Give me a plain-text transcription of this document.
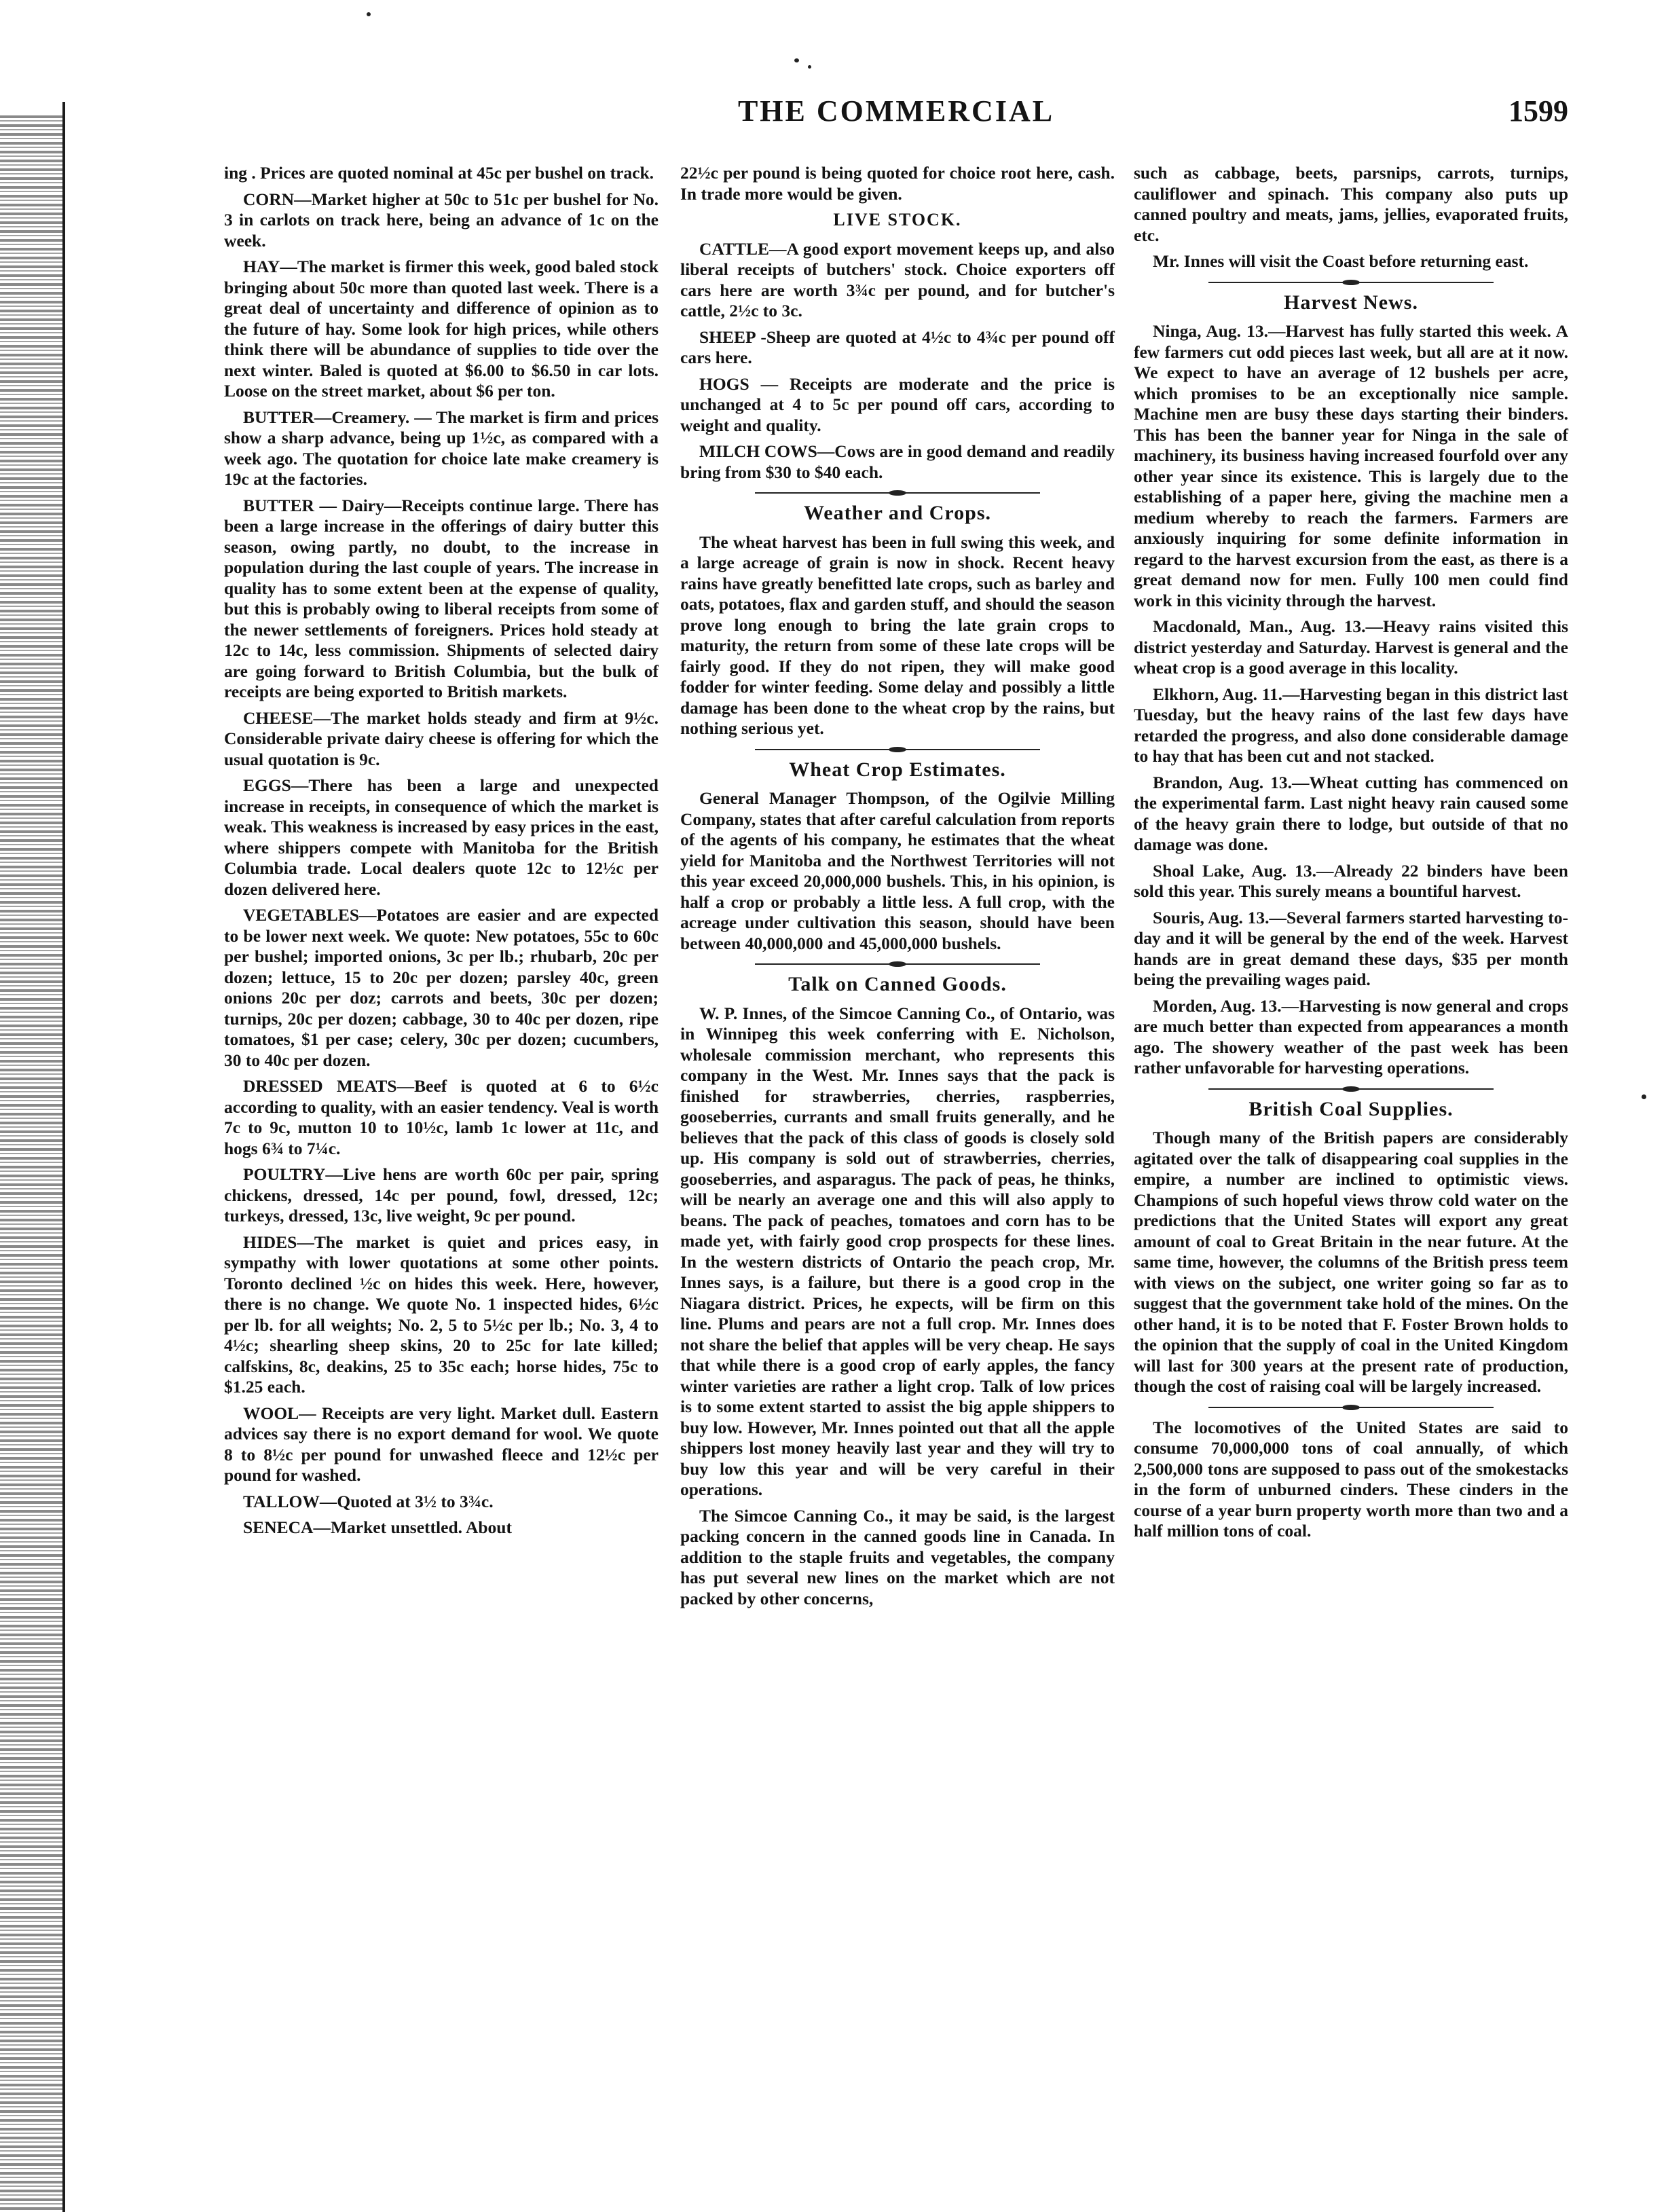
THE COMMERCIAL	1599

ing . Prices are quoted nominal at 45c per bushel on track.

CORN—Market higher at 50c to 51c per bushel for No. 3 in carlots on track here, being an advance of 1c on the week.

HAY—The market is firmer this week, good baled stock bringing about 50c more than quoted last week. There is a great deal of uncertainty and difference of opinion as to the future of hay. Some look for high prices, while others think there will be abundance of supplies to tide over the next winter. Baled is quoted at $6.00 to $6.50 in car lots. Loose on the street market, about $6 per ton.

BUTTER—Creamery. — The market is firm and prices show a sharp advance, being up 1½c, as compared with a week ago. The quotation for choice late make creamery is 19c at the factories.

BUTTER — Dairy—Receipts continue large. There has been a large increase in the offerings of dairy butter this season, owing partly, no doubt, to the increase in population during the last couple of years. The increase in quality has to some extent been at the expense of quality, but this is probably owing to liberal receipts from some of the newer settlements of foreigners. Prices hold steady at 12c to 14c, less commission. Shipments of selected dairy are going forward to British Columbia, but the bulk of receipts are being exported to British markets.

CHEESE—The market holds steady and firm at 9½c. Considerable private dairy cheese is offering for which the usual quotation is 9c.

EGGS—There has been a large and unexpected increase in receipts, in consequence of which the market is weak. This weakness is increased by easy prices in the east, where shippers compete with Manitoba for the British Columbia trade. Local dealers quote 12c to 12½c per dozen delivered here.

VEGETABLES—Potatoes are easier and are expected to be lower next week. We quote: New potatoes, 55c to 60c per bushel; imported onions, 3c per lb.; rhubarb, 20c per dozen; lettuce, 15 to 20c per dozen; parsley 40c, green onions 20c per doz; carrots and beets, 30c per dozen; turnips, 20c per dozen; cabbage, 30 to 40c per dozen, ripe tomatoes, $1 per case; celery, 30c per dozen; cucumbers, 30 to 40c per dozen.

DRESSED MEATS—Beef is quoted at 6 to 6½c according to quality, with an easier tendency. Veal is worth 7c to 9c, mutton 10 to 10½c, lamb 1c lower at 11c, and hogs 6¾ to 7¼c.

POULTRY—Live hens are worth 60c per pair, spring chickens, dressed, 14c per pound, fowl, dressed, 12c; turkeys, dressed, 13c, live weight, 9c per pound.

HIDES—The market is quiet and prices easy, in sympathy with lower quotations at some other points. Toronto declined ½c on hides this week. Here, however, there is no change. We quote No. 1 inspected hides, 6½c per lb. for all weights; No. 2, 5 to 5½c per lb.; No. 3, 4 to 4½c; shearling sheep skins, 20 to 25c for late killed; calfskins, 8c, deakins, 25 to 35c each; horse hides, 75c to $1.25 each.

WOOL— Receipts are very light. Market dull. Eastern advices say there is no export demand for wool. We quote 8 to 8½c per pound for unwashed fleece and 12½c per pound for washed.

TALLOW—Quoted at 3½ to 3¾c.

SENECA—Market unsettled. About

22½c per pound is being quoted for choice root here, cash. In trade more would be given.

LIVE STOCK.

CATTLE—A good export movement keeps up, and also liberal receipts of butchers' stock. Choice exporters off cars here are worth 3¾c per pound, and for butcher's cattle, 2½c to 3c.

SHEEP -Sheep are quoted at 4½c to 4¾c per pound off cars here.

HOGS — Receipts are moderate and the price is unchanged at 4 to 5c per pound off cars, according to weight and quality.

MILCH COWS—Cows are in good demand and readily bring from $30 to $40 each.

Weather and Crops.

The wheat harvest has been in full swing this week, and a large acreage of grain is now in shock. Recent heavy rains have greatly benefitted late crops, such as barley and oats, potatoes, flax and garden stuff, and should the season prove long enough to bring the late grain crops to maturity, the return from some of these late crops will be fairly good. If they do not ripen, they will make good fodder for winter feeding. Some delay and possibly a little damage has been done to the wheat crop by the rains, but nothing serious yet.

Wheat Crop Estimates.

General Manager Thompson, of the Ogilvie Milling Company, states that after careful calculation from reports of the agents of his company, he estimates that the wheat yield for Manitoba and the Northwest Territories will not this year exceed 20,000,000 bushels. This, in his opinion, is half a crop or probably a little less. A full crop, with the acreage under cultivation this season, should have been between 40,000,000 and 45,000,000 bushels.

Talk on Canned Goods.

W. P. Innes, of the Simcoe Canning Co., of Ontario, was in Winnipeg this week conferring with E. Nicholson, wholesale commission merchant, who represents this company in the West. Mr. Innes says that the pack is finished for strawberries, cherries, raspberries, gooseberries, currants and small fruits generally, and he believes that the pack of this class of goods is closely sold up. His company is sold out of strawberries, cherries, gooseberries, and asparagus. The pack of peas, he thinks, will be nearly an average one and this will also apply to beans. The pack of peaches, tomatoes and corn has to be made yet, with fairly good crop prospects for these lines. In the western districts of Ontario the peach crop, Mr. Innes says, is a failure, but there is a good crop in the Niagara district. Prices, he expects, will be firm on this line. Plums and pears are not a full crop. Mr. Innes does not share the belief that apples will be very cheap. He says that while there is a good crop of early apples, the fancy winter varieties are rather a light crop. Talk of low prices is to some extent started to assist the big apple shippers to buy low. However, Mr. Innes pointed out that all the apple shippers lost money heavily last year and they will try to buy low this year and will be very careful in their operations.

The Simcoe Canning Co., it may be said, is the largest packing concern in the canned goods line in Canada. In addition to the staple fruits and vegetables, the company has put several new lines on the market which are not packed by other concerns,

such as cabbage, beets, parsnips, carrots, turnips, cauliflower and spinach. This company also puts up canned poultry and meats, jams, jellies, evaporated fruits, etc.

Mr. Innes will visit the Coast before returning east.

Harvest News.

Ninga, Aug. 13.—Harvest has fully started this week. A few farmers cut odd pieces last week, but all are at it now. We expect to have an average of 12 bushels per acre, which promises to be an exceptionally nice sample. Machine men are busy these days starting their binders. This has been the banner year for Ninga in the sale of machinery, its business having increased fourfold over any other year since its existence. This is largely due to the establishing of a paper here, giving the machine men a medium whereby to reach the farmers. Farmers are anxiously inquiring for some definite information in regard to the harvest excursion from the east, as there is a great demand now for men. Fully 100 men could find work in this vicinity through the harvest.

Macdonald, Man., Aug. 13.—Heavy rains visited this district yesterday and Saturday. Harvest is general and the wheat crop is a good average in this locality.

Elkhorn, Aug. 11.—Harvesting began in this district last Tuesday, but the heavy rains of the last few days have retarded the progress, and also done considerable damage to hay that has been cut and not stacked.

Brandon, Aug. 13.—Wheat cutting has commenced on the experimental farm. Last night heavy rain caused some of the heavy grain there to lodge, but outside of that no damage was done.

Shoal Lake, Aug. 13.—Already 22 binders have been sold this year. This surely means a bountiful harvest.

Souris, Aug. 13.—Several farmers started harvesting to-day and it will be general by the end of the week. Harvest hands are in great demand these days, $35 per month being the prevailing wages paid.

Morden, Aug. 13.—Harvesting is now general and crops are much better than expected from appearances a month ago. The showery weather of the past week has been rather unfavorable for harvesting operations.

British Coal Supplies.

Though many of the British papers are considerably agitated over the talk of disappearing coal supplies in the empire, a number are inclined to optimistic views. Champions of such hopeful views throw cold water on the predictions that the United States will export any great amount of coal to Great Britain in the near future. At the same time, however, the columns of the British press teem with views on the subject, one writer going so far as to suggest that the government take hold of the mines. On the other hand, it is to be noted that F. Foster Brown holds to the opinion that the supply of coal in the United Kingdom will last for 300 years at the present rate of production, though the cost of raising coal will be largely increased.

The locomotives of the United States are said to consume 70,000,000 tons of coal annually, of which 2,500,000 tons are supposed to pass out of the smokestacks in the form of unburned cinders. These cinders in the course of a year burn property worth more than two and a half million tons of coal.
